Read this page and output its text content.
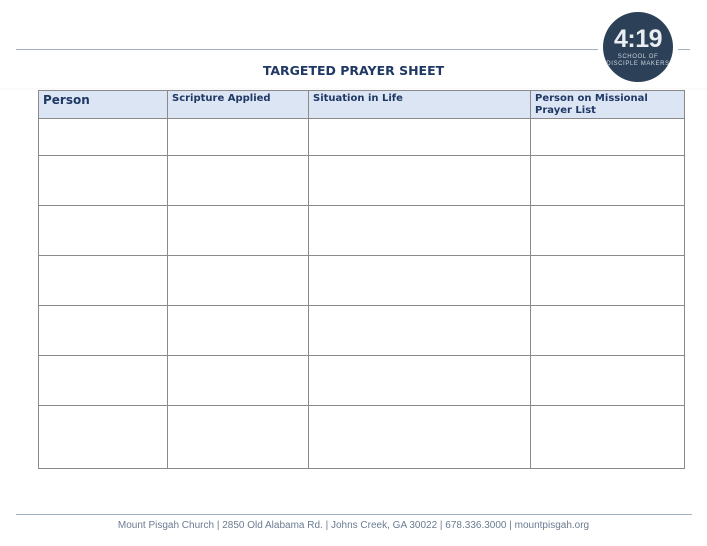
4:19
SCHOOL OF
DISCIPLE MAKERS
TARGETED PRAYER SHEET
Person	Scripture Applied	Situation in Life	Person on Missional Prayer List

Mount Pisgah Church | 2850 Old Alabama Rd. | Johns Creek, GA 30022 | 678.336.3000 | mountpisgah.org
